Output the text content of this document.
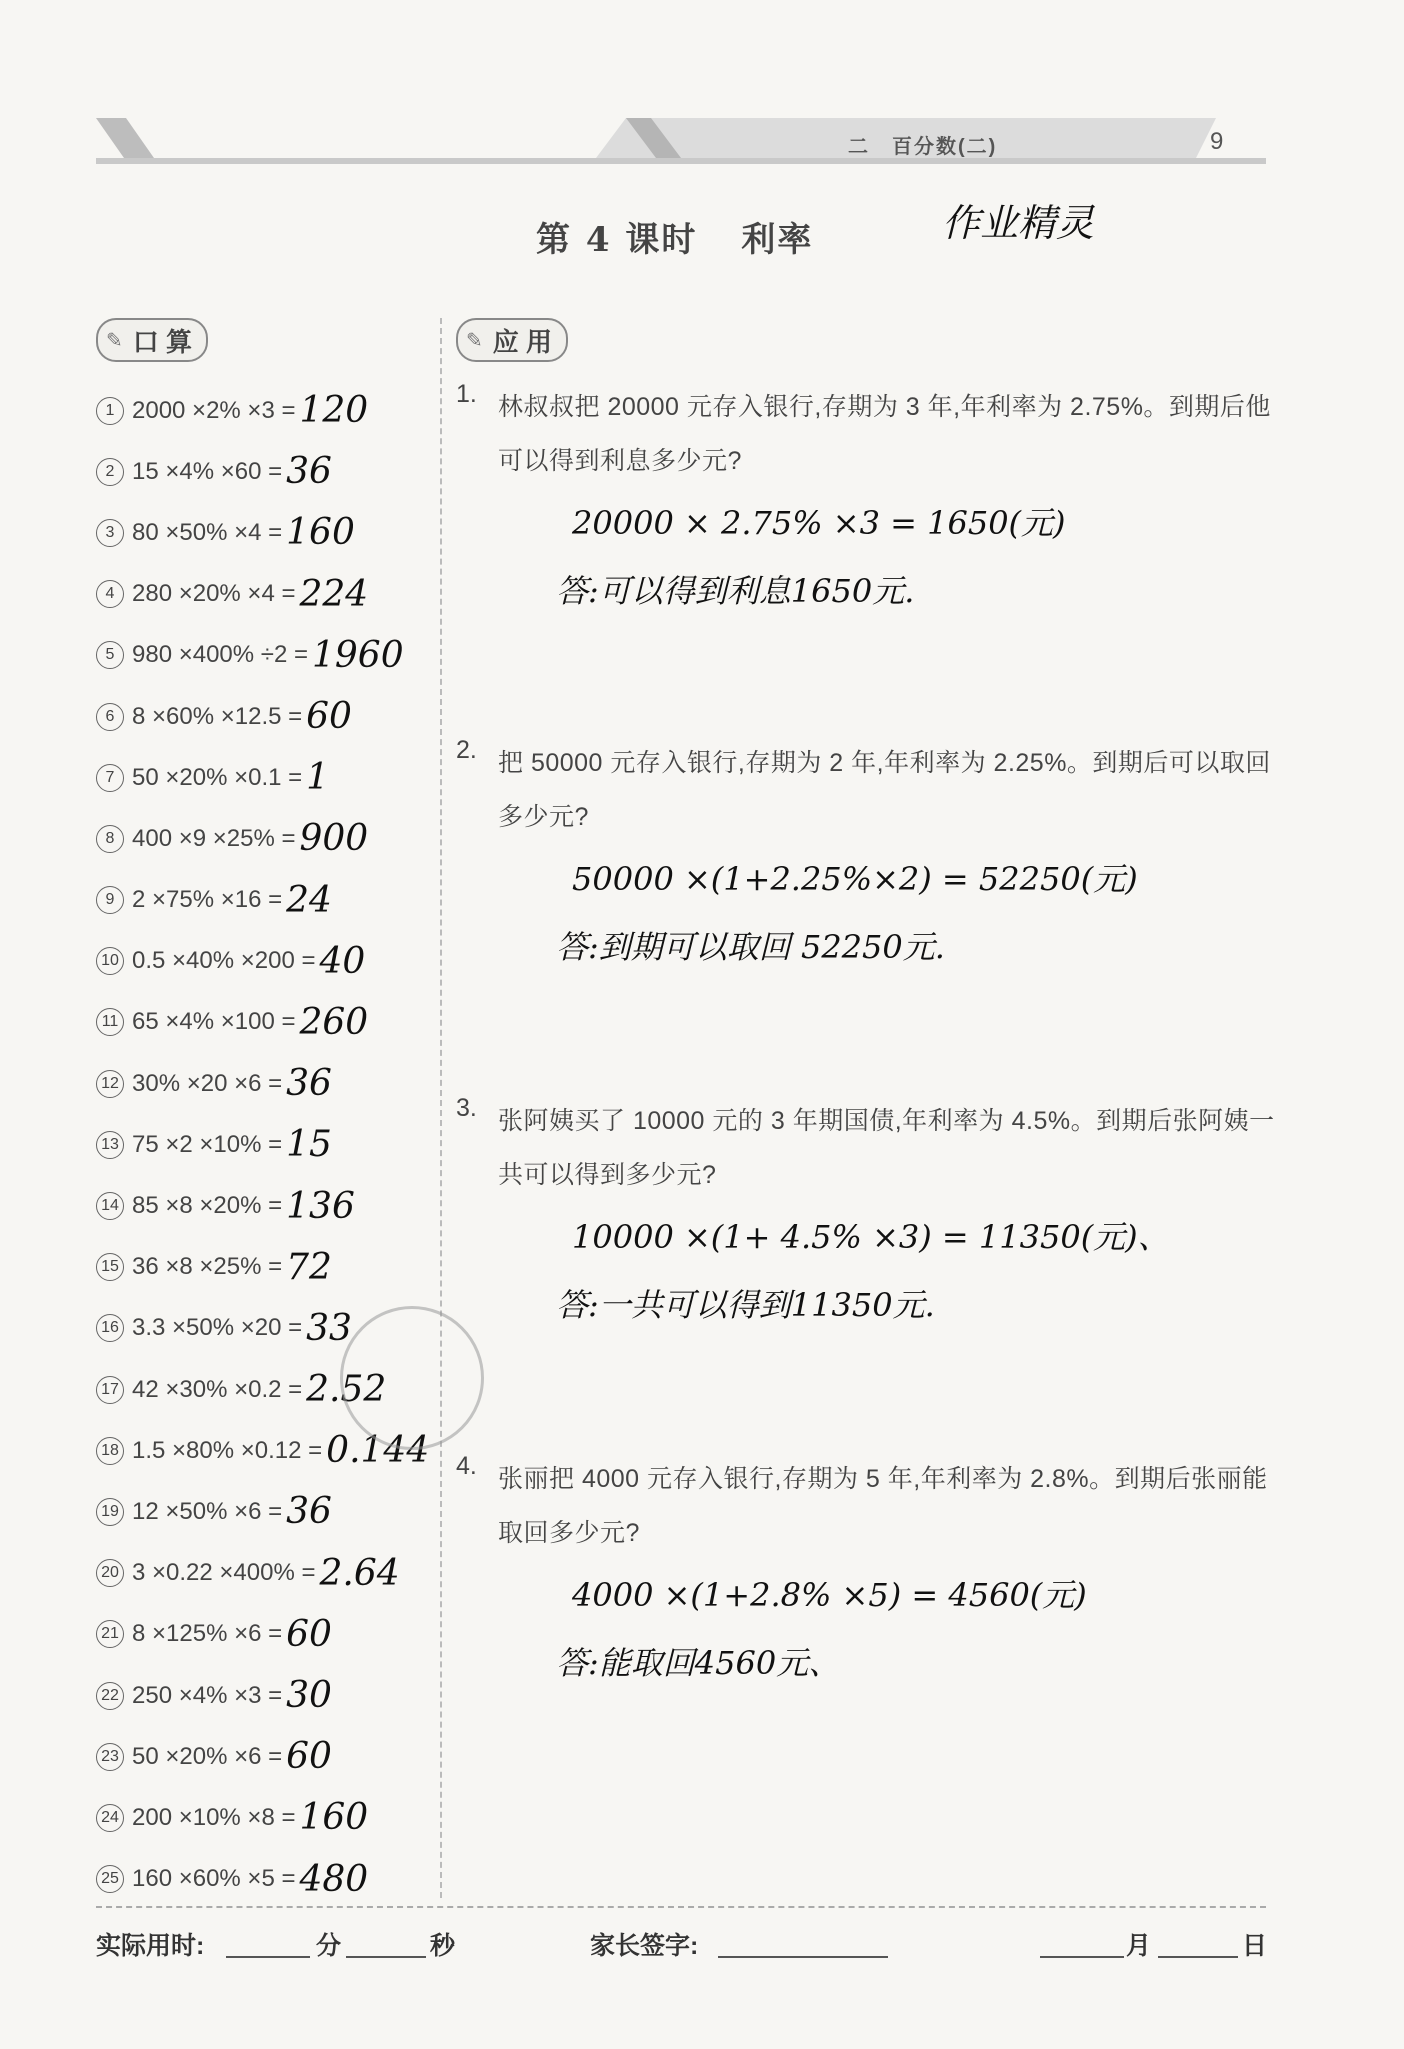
二　百分数(二)	9
第 4 课时 利率	作业精灵
✎ 口 算	✎ 应 用
1 2000 ×2% ×3 = 120
2 15 ×4% ×60 = 36
3 80 ×50% ×4 = 160
4 280 ×20% ×4 = 224
5 980 ×400% ÷2 = 1960
6 8 ×60% ×12.5 = 60
7 50 ×20% ×0.1 = 1
8 400 ×9 ×25% = 900
9 2 ×75% ×16 = 24
10 0.5 ×40% ×200 = 40
11 65 ×4% ×100 = 260
12 30% ×20 ×6 = 36
13 75 ×2 ×10% = 15
14 85 ×8 ×20% = 136
15 36 ×8 ×25% = 72
16 3.3 ×50% ×20 = 33
17 42 ×30% ×0.2 = 2.52
18 1.5 ×80% ×0.12 = 0.144
19 12 ×50% ×6 = 36
20 3 ×0.22 ×400% = 2.64
21 8 ×125% ×6 = 60
22 250 ×4% ×3 = 30
23 50 ×20% ×6 = 60
24 200 ×10% ×8 = 160
25 160 ×60% ×5 = 480
1. 林叔叔把 20000 元存入银行,存期为 3 年,年利率为 2.75%。到期后他可以得到利息多少元?
20000 × 2.75% ×3 = 1650(元)
答:可以得到利息1650元.
2. 把 50000 元存入银行,存期为 2 年,年利率为 2.25%。到期后可以取回多少元?
50000 ×(1+2.25%×2) = 52250(元)
答:到期可以取回 52250元.
3. 张阿姨买了 10000 元的 3 年期国债,年利率为 4.5%。到期后张阿姨一共可以得到多少元?
10000 ×(1+ 4.5% ×3) = 11350(元)、
答:一共可以得到11350元.
4. 张丽把 4000 元存入银行,存期为 5 年,年利率为 2.8%。到期后张丽能取回多少元?
4000 ×(1+2.8% ×5) = 4560(元)
答:能取回4560元、
实际用时:	分	秒	家长签字:	月	日
